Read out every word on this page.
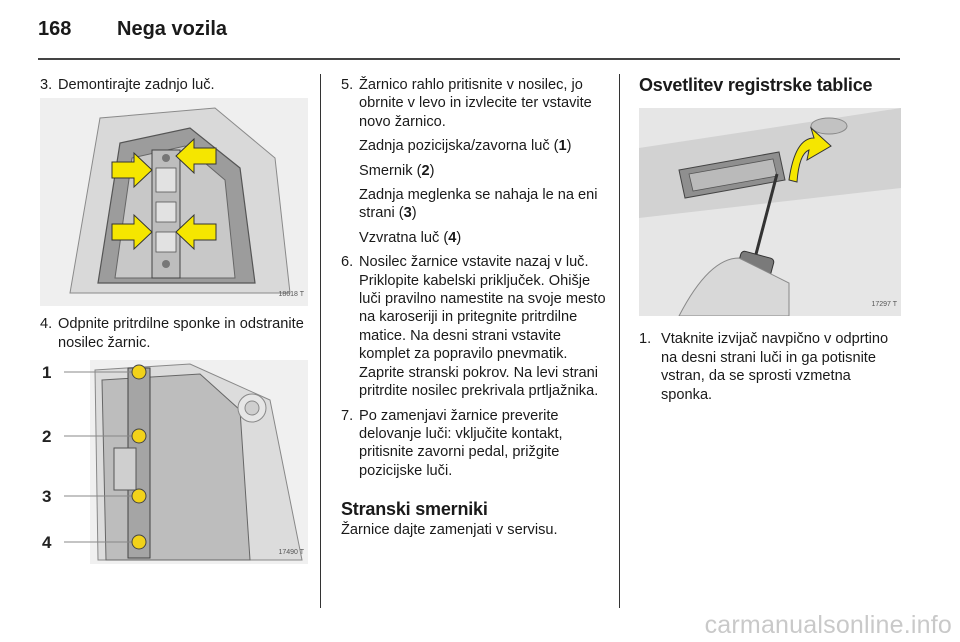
168 Nega vozila
3. Demontirajte zadnjo luč.
18618 T
4. Odpnite pritrdilne sponke in odstranite nosilec žarnic.
1
2
3
4
17490 T
5. Žarnico rahlo pritisnite v nosilec, jo obrnite v levo in izvlecite ter vstavite novo žarnico.
Zadnja pozicijska/zavorna luč (1)
Smernik (2)
Zadnja meglenka se nahaja le na eni strani (3)
Vzvratna luč (4)
6. Nosilec žarnice vstavite nazaj v luč. Priklopite kabelski priključek. Ohišje luči pravilno namestite na svoje mesto na karoseriji in pritegnite pritrdilne matice. Na desni strani vstavite komplet za popravilo pnevmatik. Zaprite stranski pokrov. Na levi strani pritrdite nosilec prekrivala prtljažnika.
7. Po zamenjavi žarnice preverite delovanje luči: vključite kontakt, pritisnite zavorni pedal, prižgite pozicijske luči.
Stranski smerniki
Žarnice dajte zamenjati v servisu.
Osvetlitev registrske tablice
17297 T
1. Vtaknite izvijač navpično v odprtino na desni strani luči in ga potisnite vstran, da se sprosti vzmetna sponka.
carmanualsonline.info
